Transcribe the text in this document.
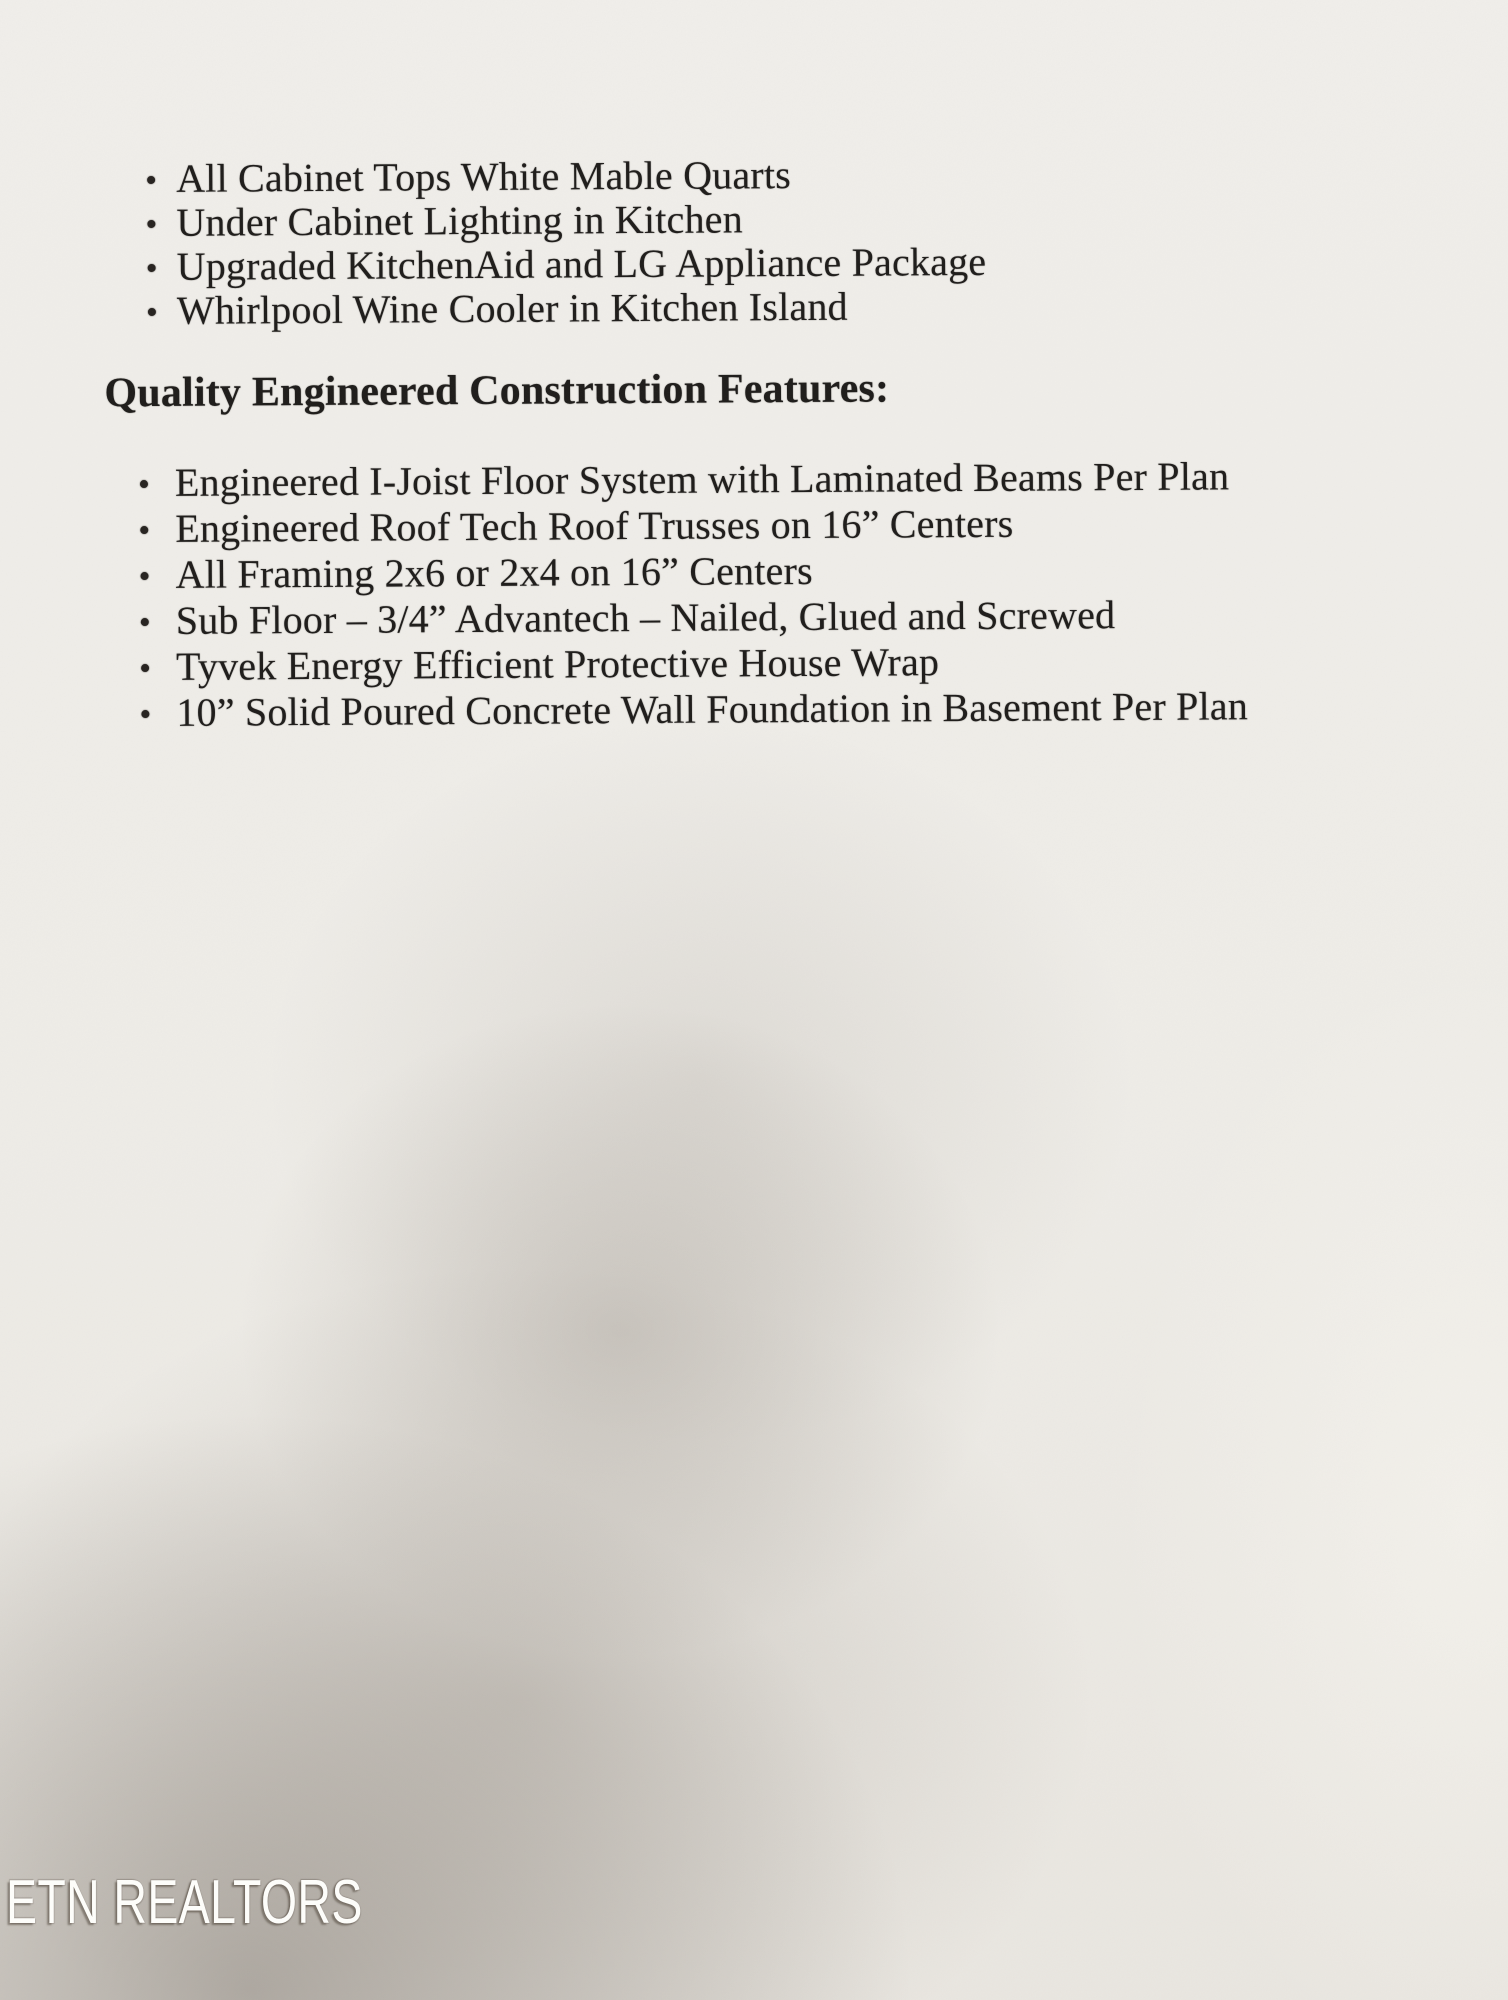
All Cabinet Tops White Mable Quarts
Under Cabinet Lighting in Kitchen
Upgraded KitchenAid and LG Appliance Package
Whirlpool Wine Cooler in Kitchen Island
Quality Engineered Construction Features:
Engineered I-Joist Floor System with Laminated Beams Per Plan
Engineered Roof Tech Roof Trusses on 16” Centers
All Framing 2x6 or 2x4 on 16” Centers
Sub Floor – 3/4” Advantech – Nailed, Glued and Screwed
Tyvek Energy Efficient Protective House Wrap
10” Solid Poured Concrete Wall Foundation in Basement Per Plan
ETN REALTORS
